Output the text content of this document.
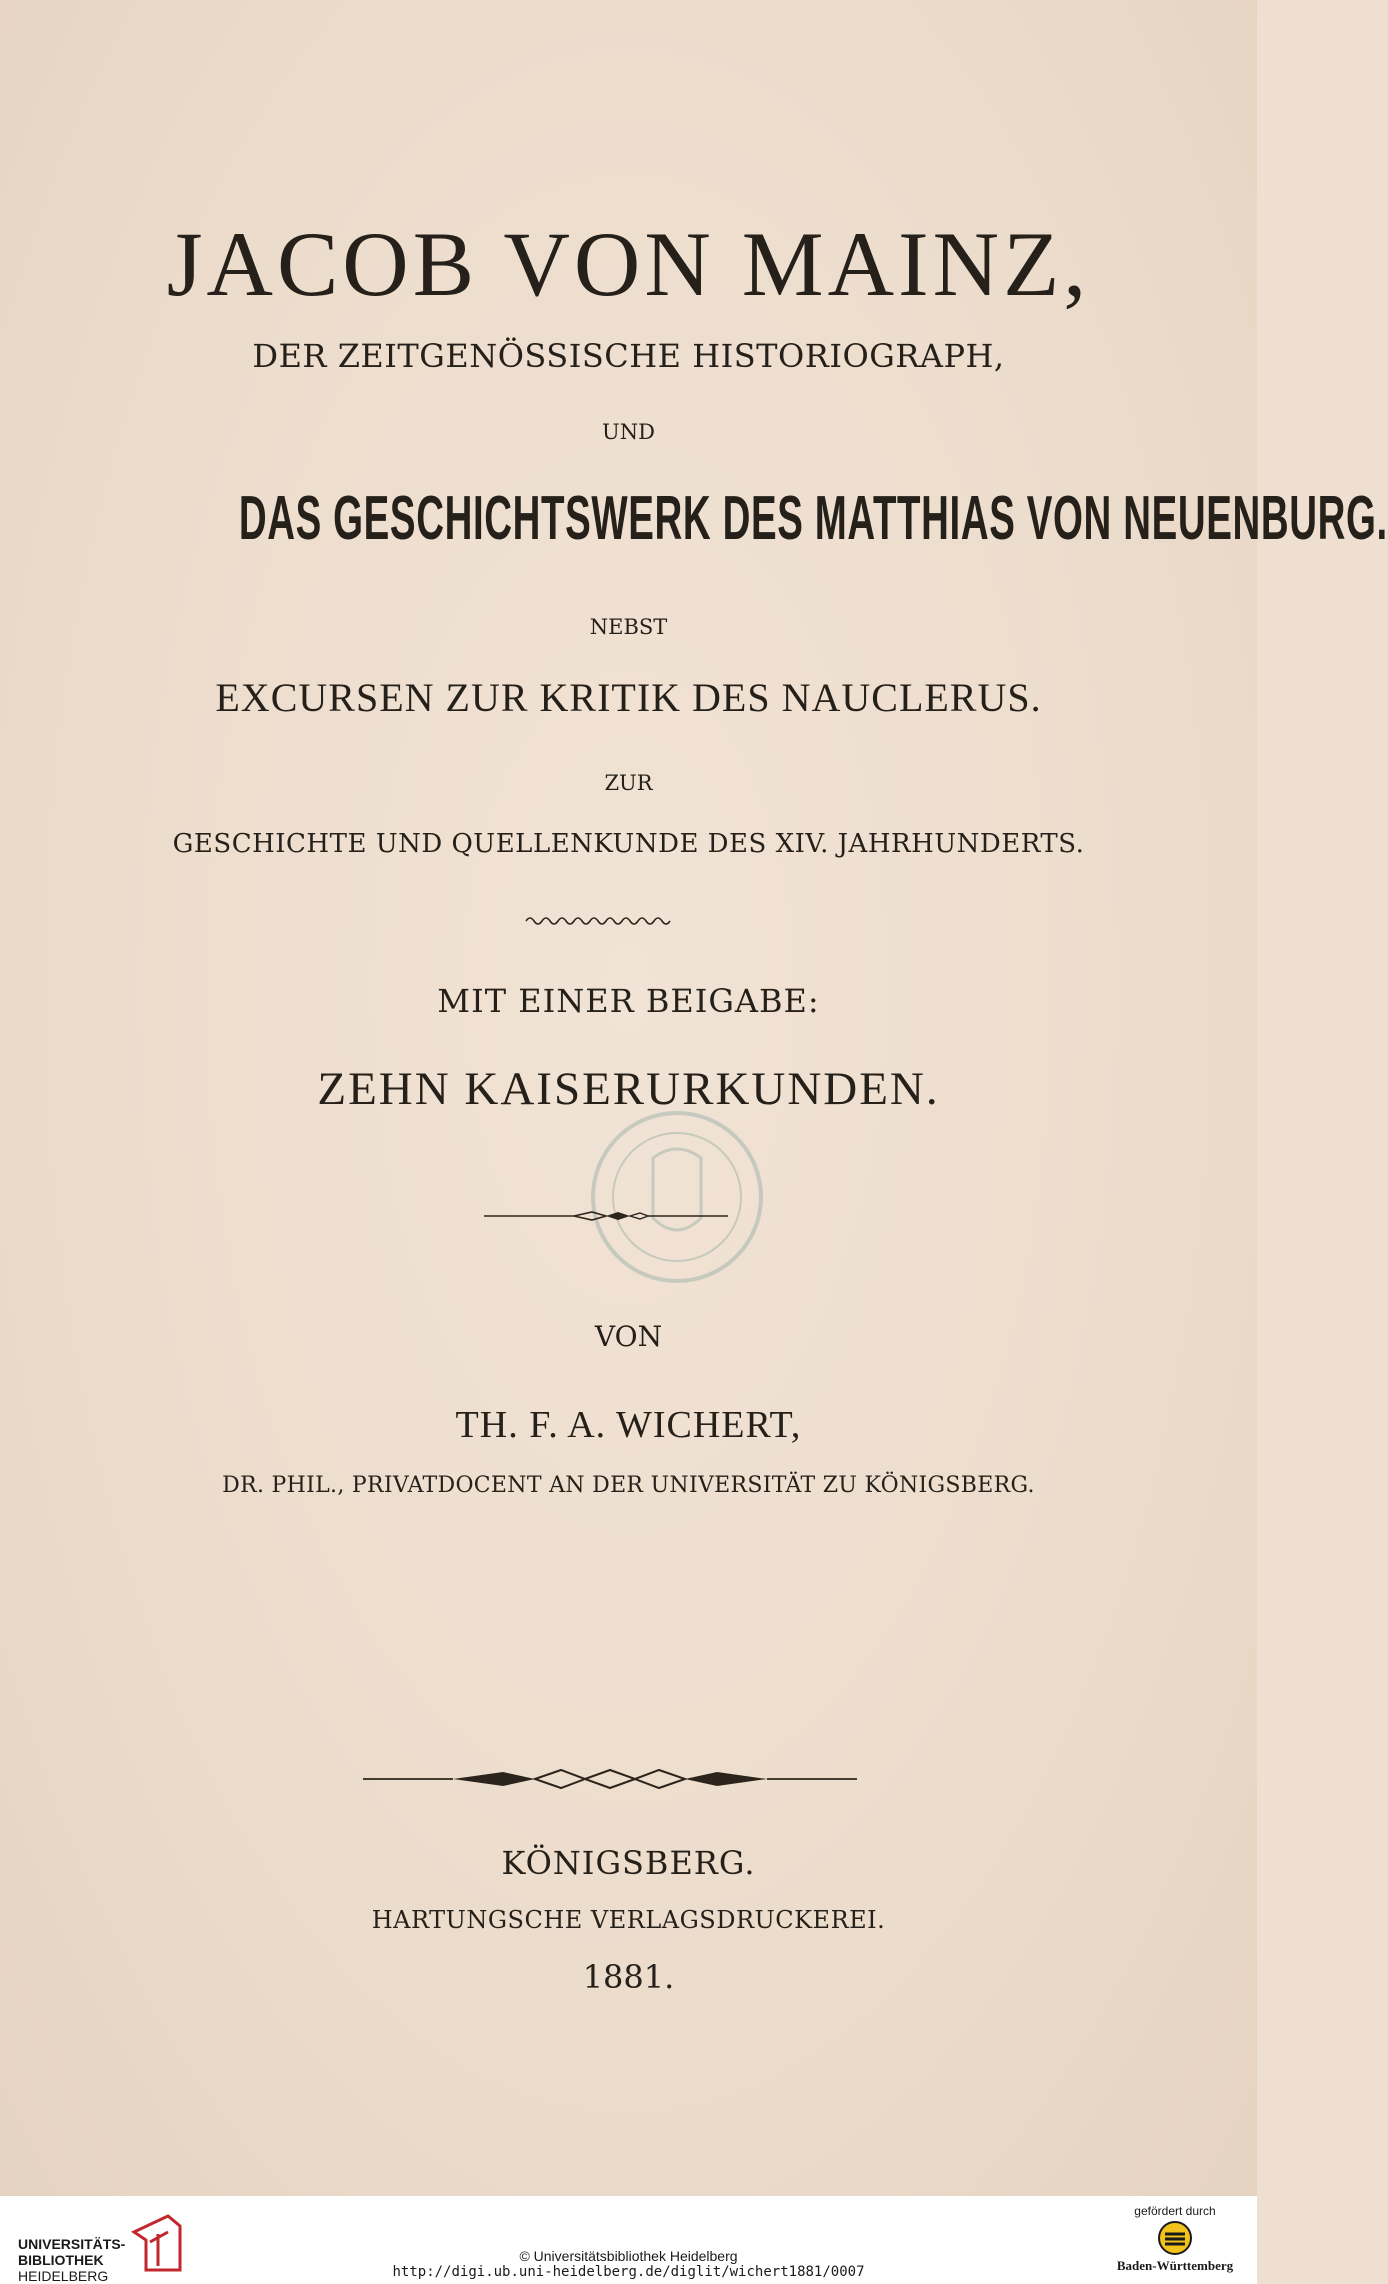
JACOB VON MAINZ,
DER ZEITGENÖSSISCHE HISTORIOGRAPH,
UND
DAS GESCHICHTSWERK DES MATTHIAS VON NEUENBURG.
NEBST
EXCURSEN ZUR KRITIK DES NAUCLERUS.
ZUR
GESCHICHTE UND QUELLENKUNDE DES XIV. JAHRHUNDERTS.
MIT EINER BEIGABE:
ZEHN KAISERURKUNDEN.
VON
TH. F. A. WICHERT,
DR. PHIL., PRIVATDOCENT AN DER UNIVERSITÄT ZU KÖNIGSBERG.
KÖNIGSBERG.
HARTUNGSCHE VERLAGSDRUCKEREI.
1881.
UNIVERSITÄTS-
BIBLIOTHEK
HEIDELBERG
© Universitätsbibliothek Heidelberg
http://digi.ub.uni-heidelberg.de/diglit/wichert1881/0007
gefördert durch
Baden-Württemberg
